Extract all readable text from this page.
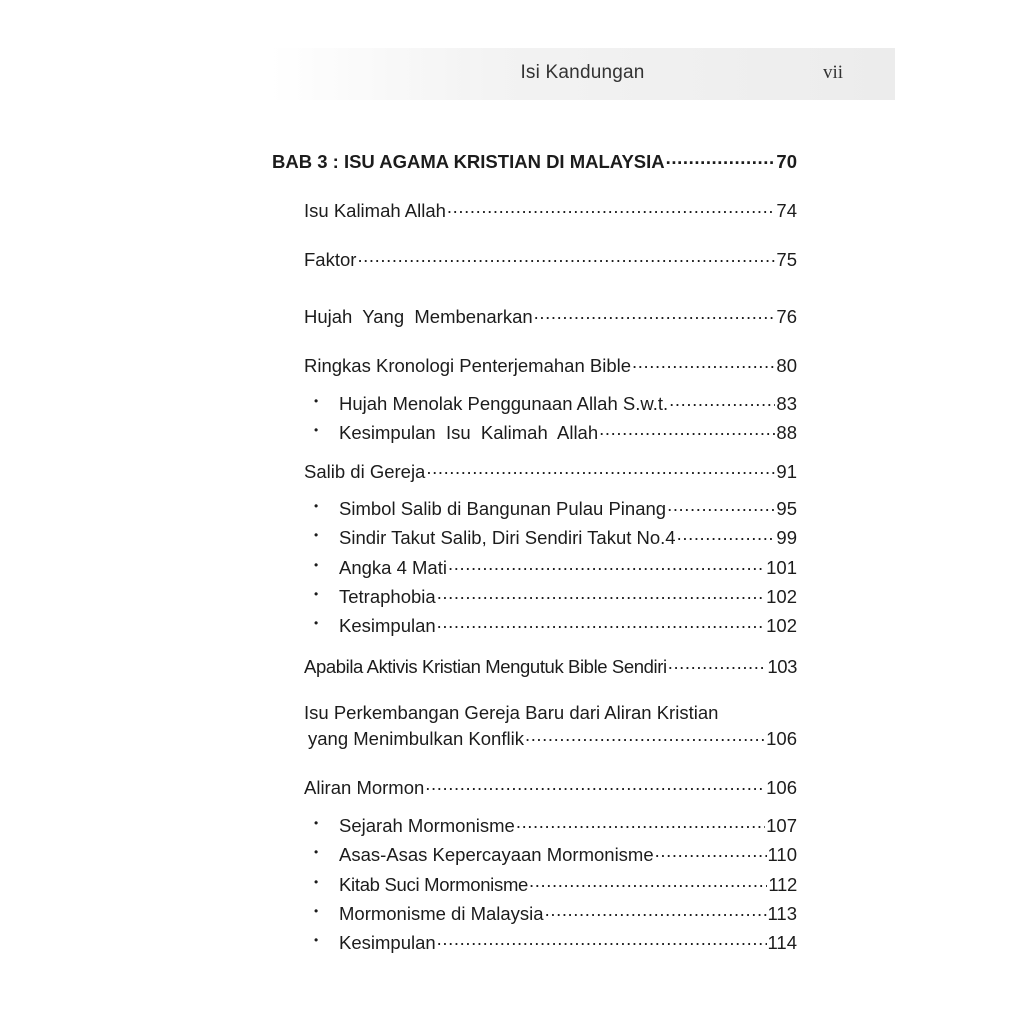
Isi Kandungan	vii
BAB 3 : ISU AGAMA KRISTIAN DI MALAYSIA .....	70
Isu Kalimah Allah .....	74
Faktor .....	75
Hujah  Yang  Membenarkan .....	76
Ringkas Kronologi Penterjemahan Bible .....	80
• Hujah Menolak Penggunaan Allah S.w.t. .....	83
• Kesimpulan  Isu  Kalimah  Allah .....	88
Salib di Gereja .....	91
• Simbol Salib di Bangunan Pulau Pinang .....	95
• Sindir Takut Salib, Diri Sendiri Takut No.4 .....	99
• Angka 4 Mati .....	101
• Tetraphobia .....	102
• Kesimpulan .....	102
Apabila Aktivis Kristian Mengutuk Bible Sendiri .....	103
Isu Perkembangan Gereja Baru dari Aliran Kristian
yang Menimbulkan Konflik .....	106
Aliran Mormon .....	106
• Sejarah Mormonisme .....	107
• Asas-Asas Kepercayaan Mormonisme .....	110
• Kitab Suci Mormonisme .....	112
• Mormonisme di Malaysia .....	113
• Kesimpulan .....	114
